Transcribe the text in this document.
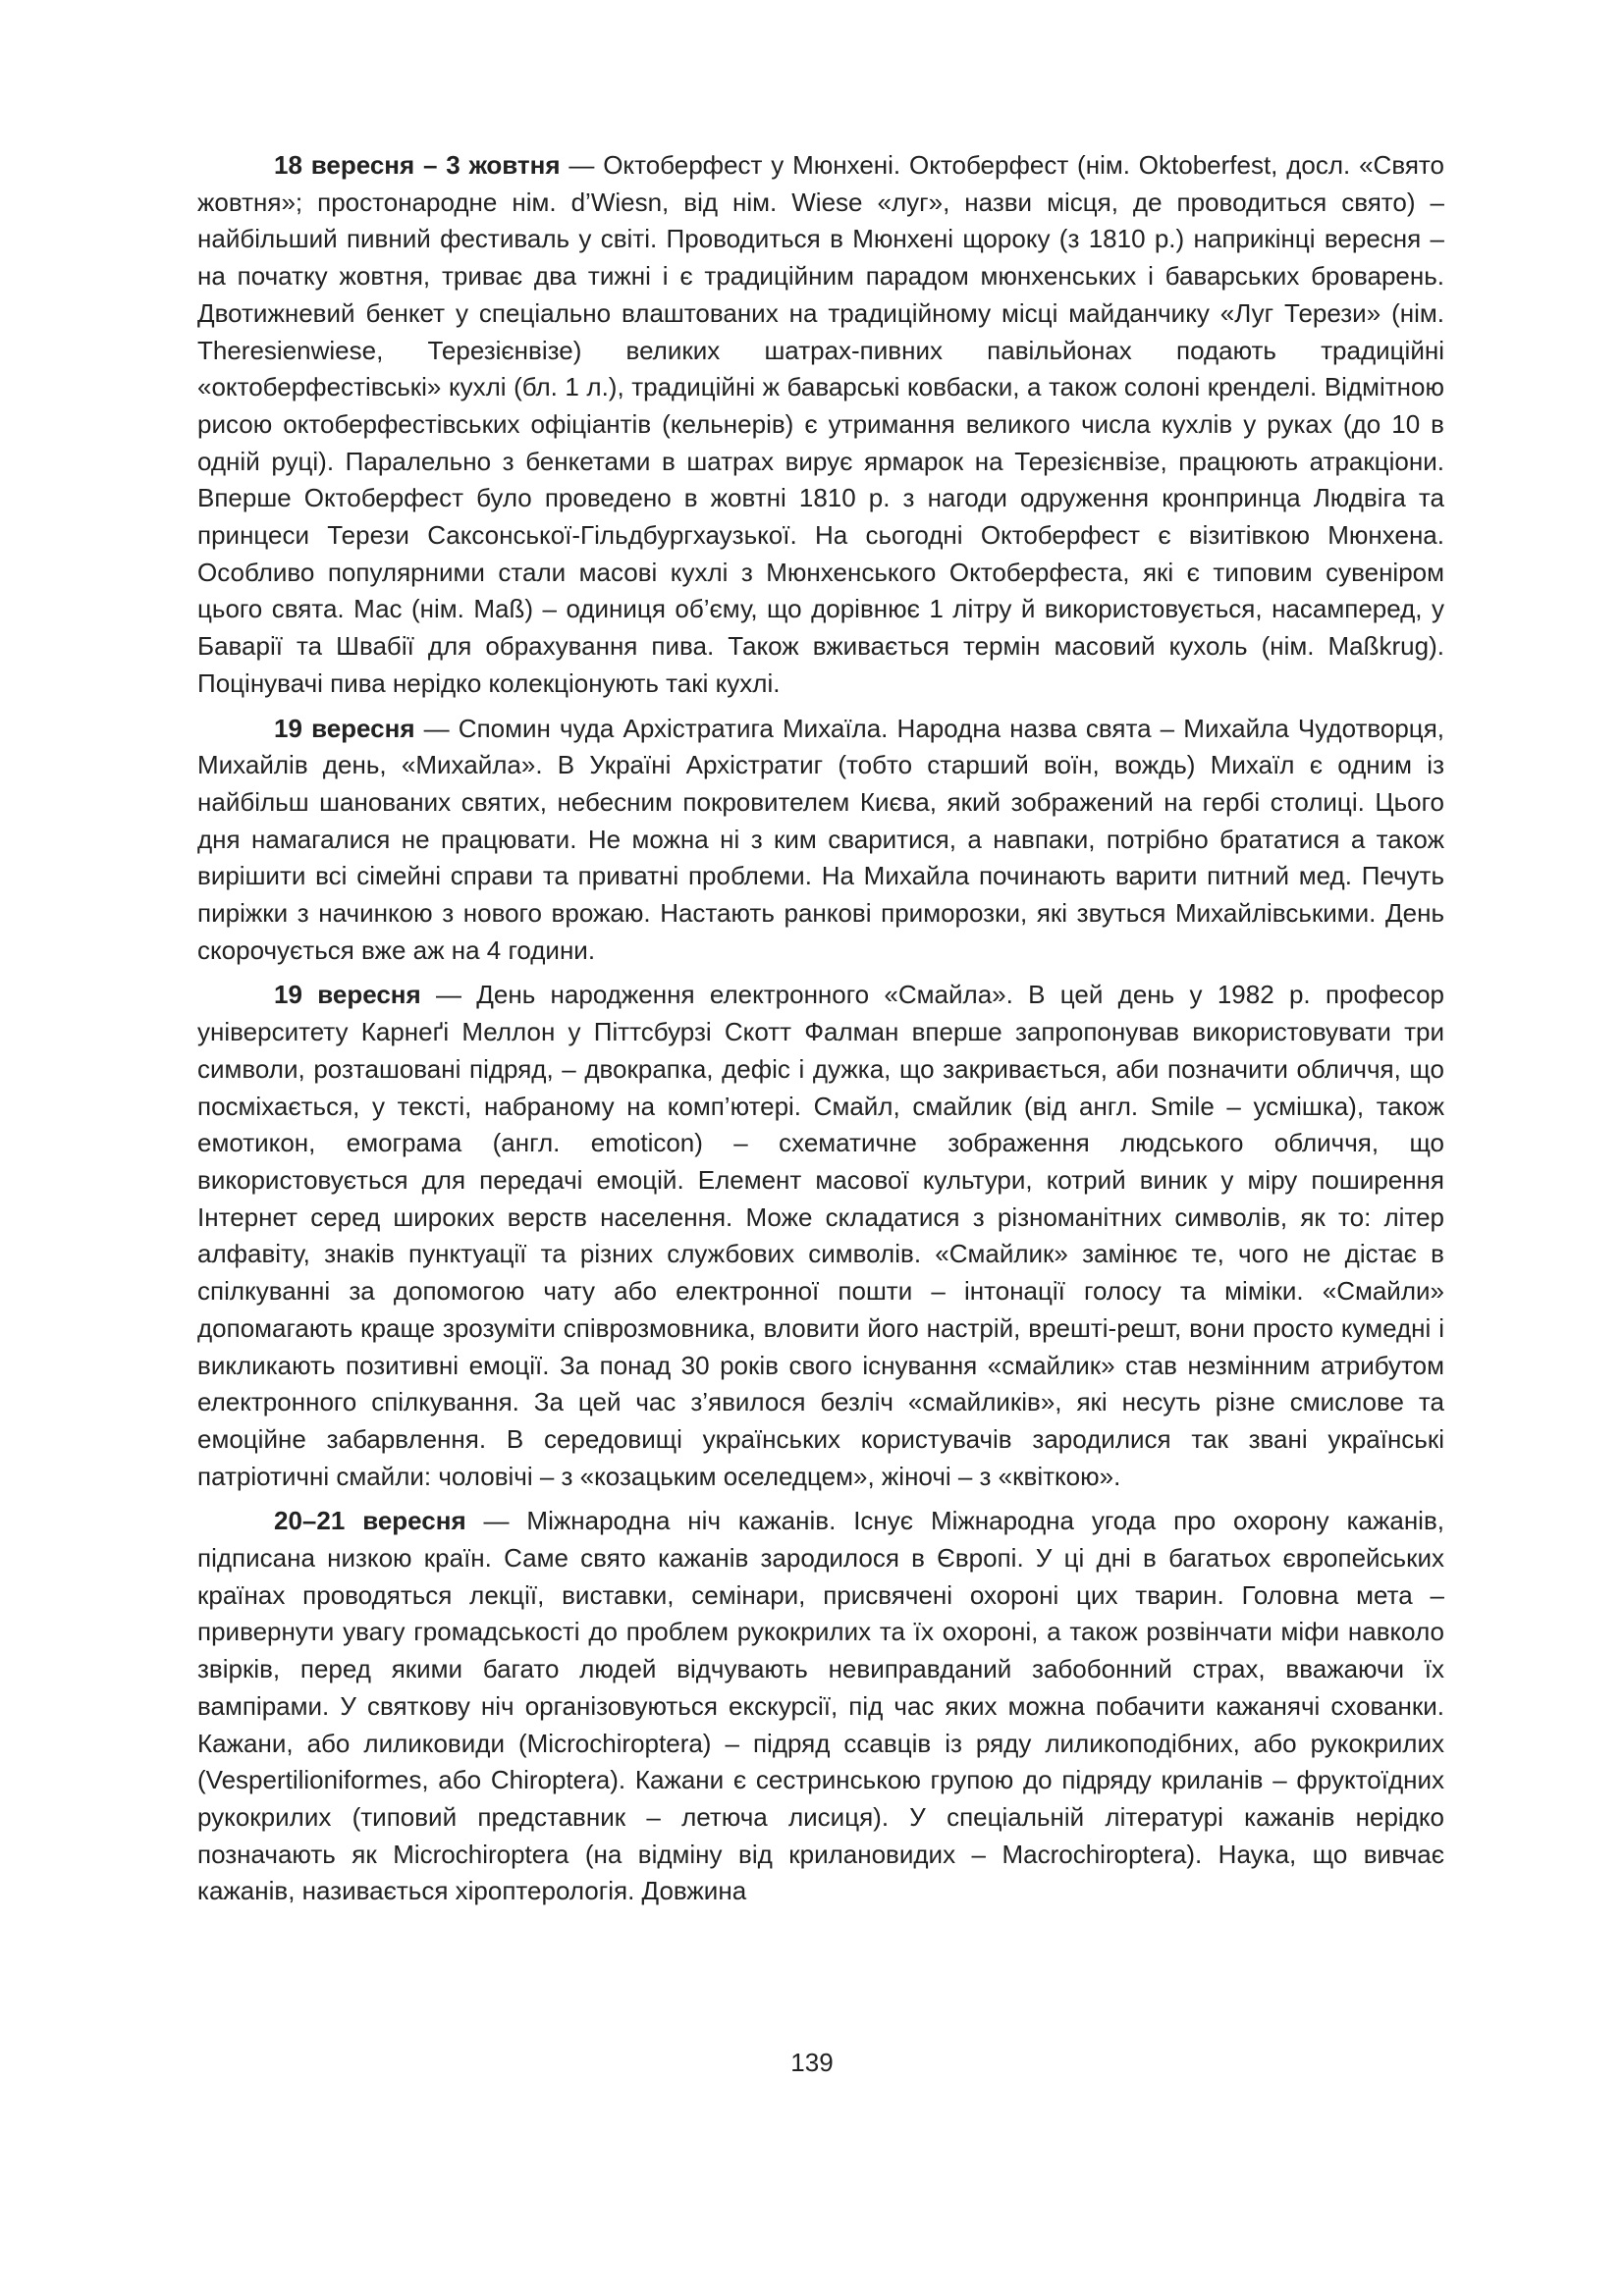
18 вересня – 3 жовтня — Октоберфест у Мюнхені. Октоберфест (нім. Oktoberfest, досл. «Свято жовтня»; простонародне нім. d’Wiesn, від нім. Wiese «луг», назви місця, де проводиться свято) – найбільший пивний фестиваль у світі. Проводиться в Мюнхені щороку (з 1810 р.) наприкінці вересня – на початку жовтня, триває два тижні і є традиційним парадом мюнхенських і баварських броварень. Двотижневий бенкет у спеціально влаштованих на традиційному місці майданчику «Луг Терези» (нім. Theresienwiese, Терезієнвізе) великих шатрах-пивних павільйонах подають традиційні «октоберфестівські» кухлі (бл. 1 л.), традиційні ж баварські ковбаски, а також солоні кренделі. Відмітною рисою октоберфестівських офіціантів (кельнерів) є утримання великого числа кухлів у руках (до 10 в одній руці). Паралельно з бенкетами в шатрах вирує ярмарок на Терезієнвізе, працюють атракціони. Вперше Октоберфест було проведено в жовтні 1810 р. з нагоди одруження кронпринца Людвіга та принцеси Терези Саксонської-Гільдбургхаузької. На сьогодні Октоберфест є візитівкою Мюнхена. Особливо популярними стали масові кухлі з Мюнхенського Октоберфеста, які є типовим сувеніром цього свята. Мас (нім. Maß) – одиниця об’єму, що дорівнює 1 літру й використовується, насамперед, у Баварії та Швабії для обрахування пива. Також вживається термін масовий кухоль (нім. Maßkrug). Поцінувачі пива нерідко колекціонують такі кухлі.

19 вересня — Спомин чуда Архістратига Михаїла. Народна назва свята – Михайла Чудотворця, Михайлів день, «Михайла». В Україні Архістратиг (тобто старший воїн, вождь) Михаїл є одним із найбільш шанованих святих, небесним покровителем Києва, який зображений на гербі столиці. Цього дня намагалися не працювати. Не можна ні з ким сваритися, а навпаки, потрібно брататися а також вирішити всі сімейні справи та приватні проблеми. На Михайла починають варити питний мед. Печуть пиріжки з начинкою з нового врожаю. Настають ранкові приморозки, які звуться Михайлівськими. День скорочується вже аж на 4 години.

19 вересня — День народження електронного «Смайла». В цей день у 1982 р. професор університету Карнеґі Меллон у Піттсбурзі Скотт Фалман вперше запропонував використовувати три символи, розташовані підряд, – двокрапка, дефіс і дужка, що закривається, аби позначити обличчя, що посміхається, у тексті, набраному на комп’ютері. Смайл, смайлик (від англ. Smile – усмішка), також емотикон, емограма (англ. emoticon) – схематичне зображення людського обличчя, що використовується для передачі емоцій. Елемент масової культури, котрий виник у міру поширення Інтернет серед широких верств населення. Може складатися з різноманітних символів, як то: літер алфавіту, знаків пунктуації та різних службових символів. «Смайлик» замінює те, чого не дістає в спілкуванні за допомогою чату або електронної пошти – інтонації голосу та міміки. «Смайли» допомагають краще зрозуміти співрозмовника, вловити його настрій, врешті-решт, вони просто кумедні і викликають позитивні емоції. За понад 30 років свого існування «смайлик» став незмінним атрибутом електронного спілкування. За цей час з’явилося безліч «смайликів», які несуть різне смислове та емоційне забарвлення. В середовищі українських користувачів зародилися так звані українські патріотичні смайли: чоловічі – з «козацьким оселедцем», жіночі – з «квіткою».

20–21 вересня — Міжнародна ніч кажанів. Існує Міжнародна угода про охорону кажанів, підписана низкою країн. Саме свято кажанів зародилося в Європі. У ці дні в багатьох європейських країнах проводяться лекції, виставки, семінари, присвячені охороні цих тварин. Головна мета – привернути увагу громадськості до проблем рукокрилих та їх охороні, а також розвінчати міфи навколо звірків, перед якими багато людей відчувають невиправданий забобонний страх, вважаючи їх вампірами. У святкову ніч організовуються екскурсії, під час яких можна побачити кажанячі схованки. Кажани, або лиликовиди (Microchiroptera) – підряд ссавців із ряду лиликоподібних, або рукокрилих (Vespertilioniformes, або Chiroptera). Кажани є сестринською групою до підряду криланів – фруктоїдних рукокрилих (типовий представник – летюча лисиця). У спеціальній літературі кажанів нерідко позначають як Microchiroptera (на відміну від крилановидих – Macrochiroptera). Наука, що вивчає кажанів, називається хіроптерологія. Довжина

139
